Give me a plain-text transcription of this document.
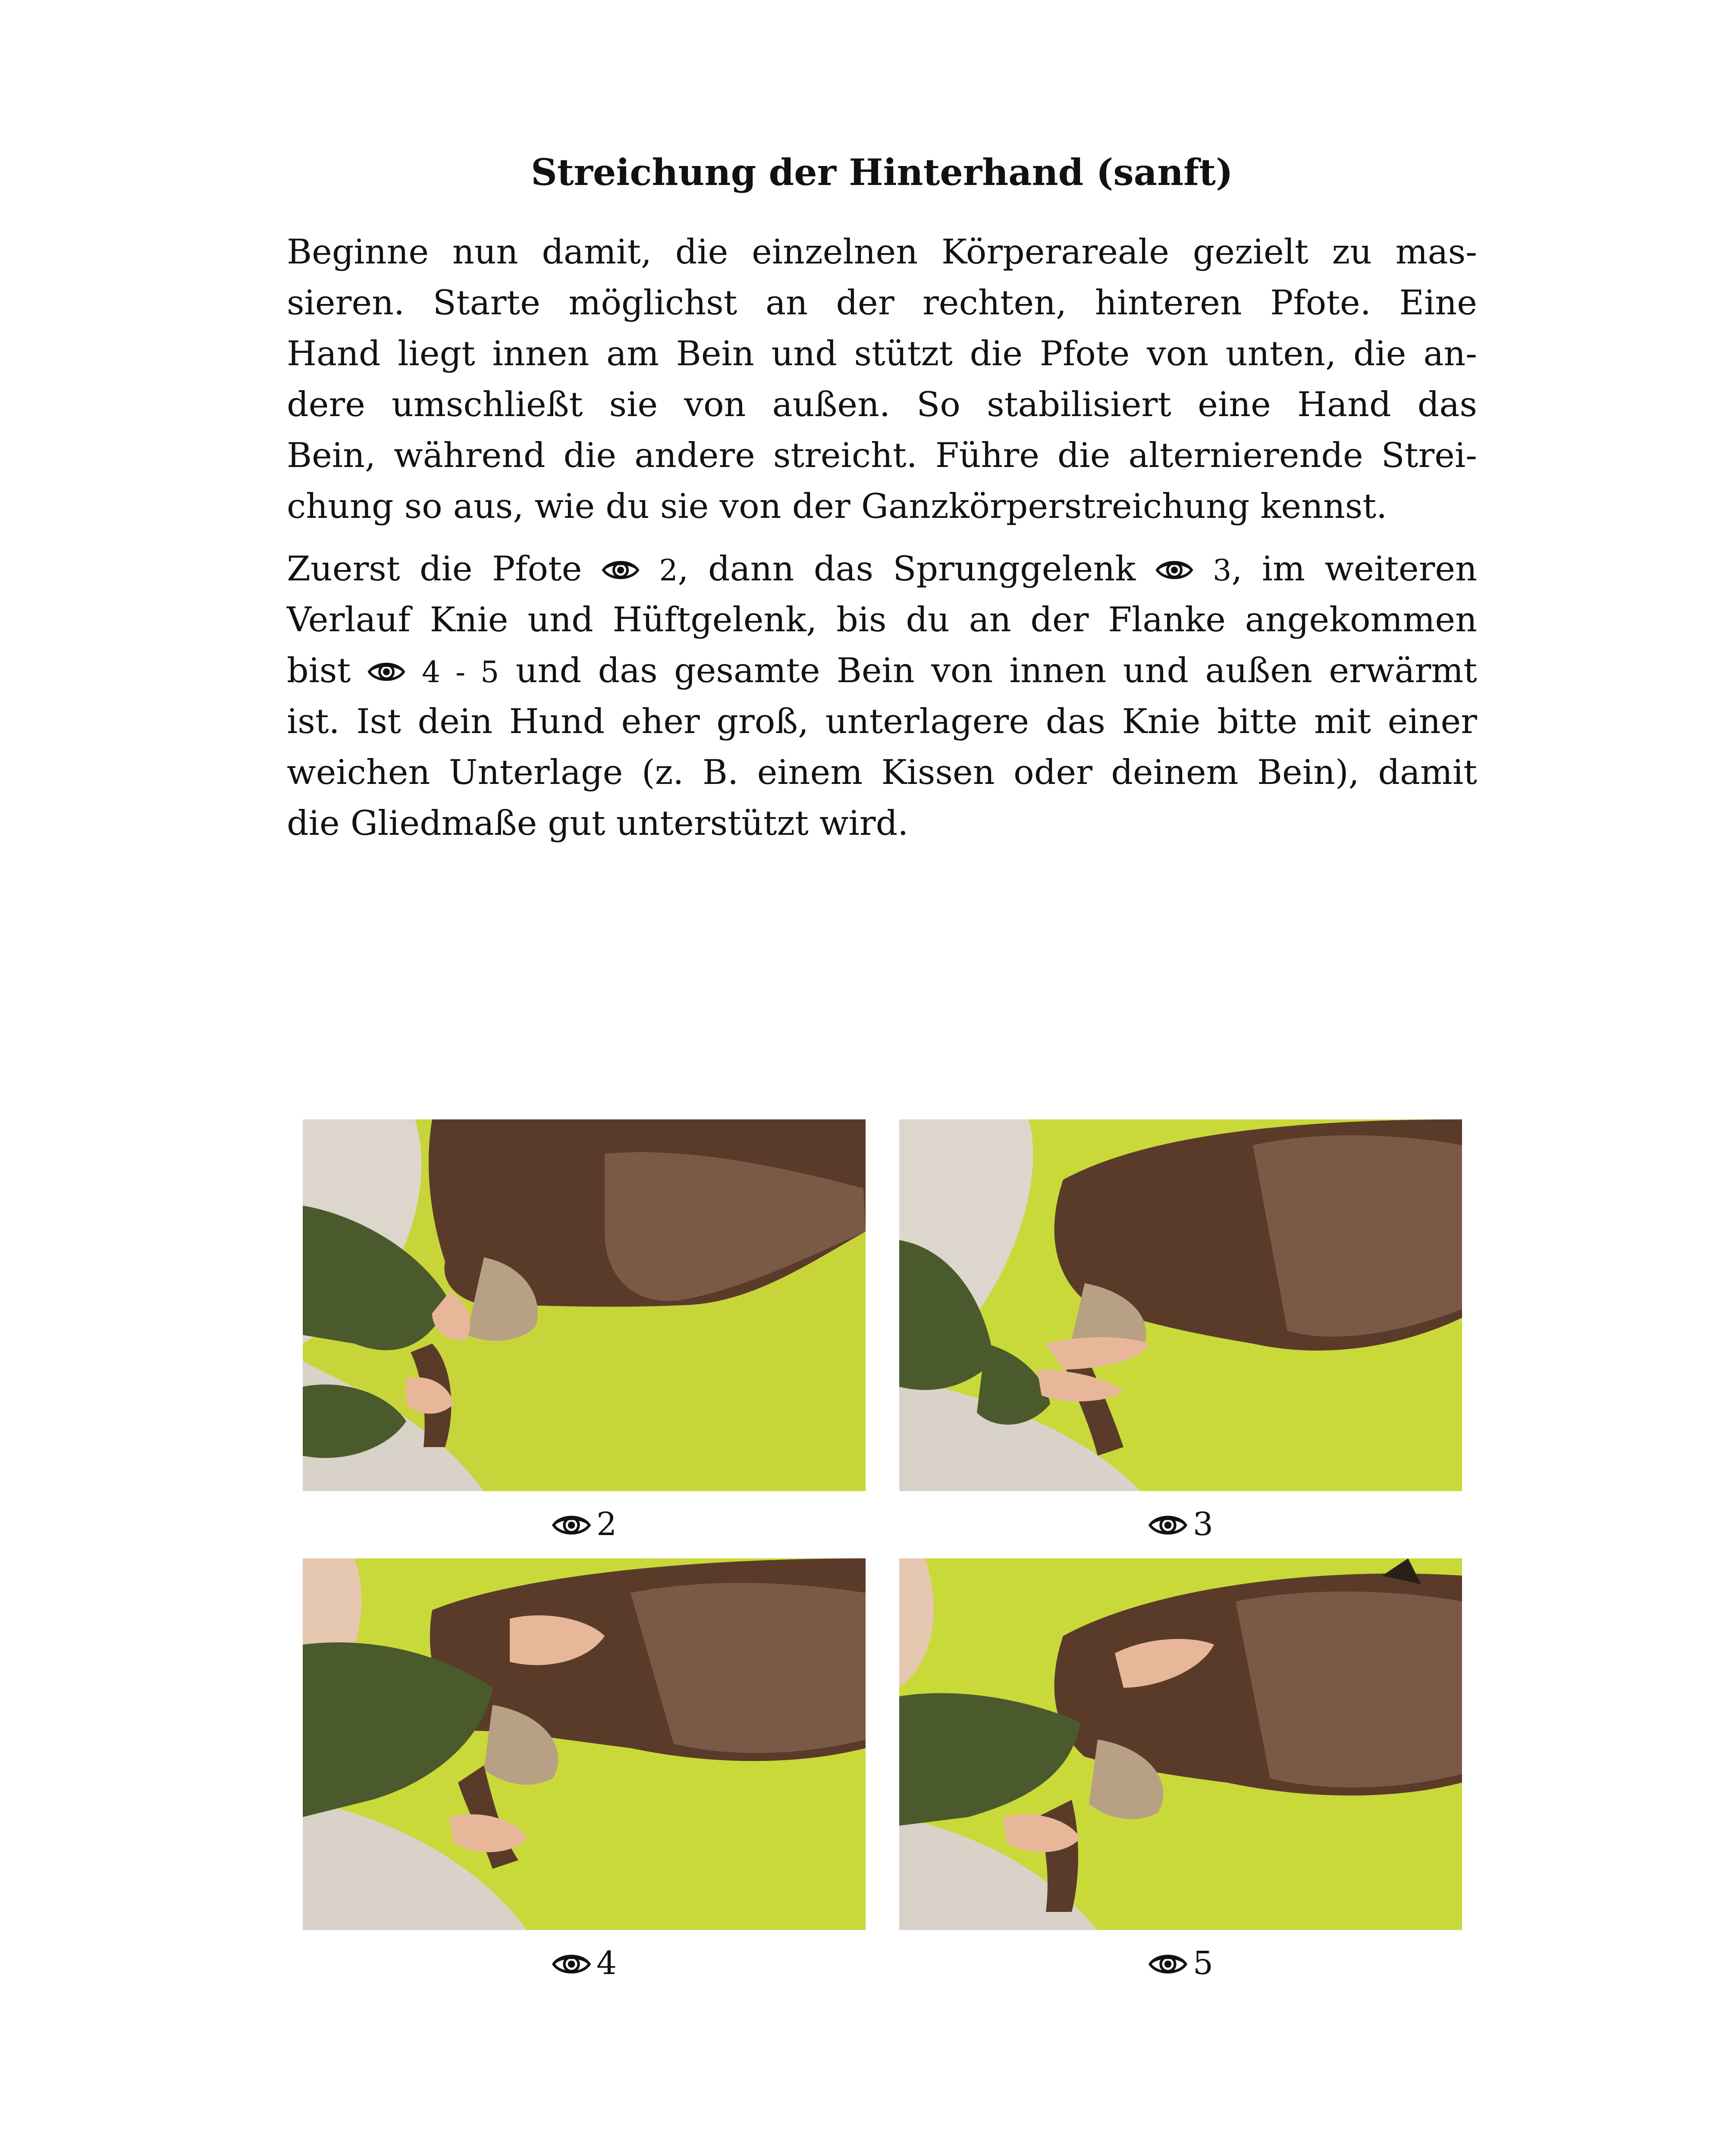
Streichung der Hinterhand (sanft)
Beginne nun damit, die einzelnen Körperareale gezielt zu mas-
sieren. Starte möglichst an der rechten, hinteren Pfote. Eine
Hand liegt innen am Bein und stützt die Pfote von unten, die an-
dere umschließt sie von außen. So stabilisiert eine Hand das
Bein, während die andere streicht. Führe die alternierende Strei-
chung so aus, wie du sie von der Ganzkörperstreichung kennst.
Zuerst die Pfote	2, dann das Sprunggelenk	3, im weiteren
Verlauf Knie und Hüftgelenk, bis du an der Flanke angekommen
bist 4 - 5 und das gesamte Bein von innen und außen erwärmt
ist. Ist dein Hund eher groß, unterlagere das Knie bitte mit einer
weichen Unterlage (z. B. einem Kissen oder deinem Bein), damit
die Gliedmaße gut unterstützt wird.
2	3
4	5
